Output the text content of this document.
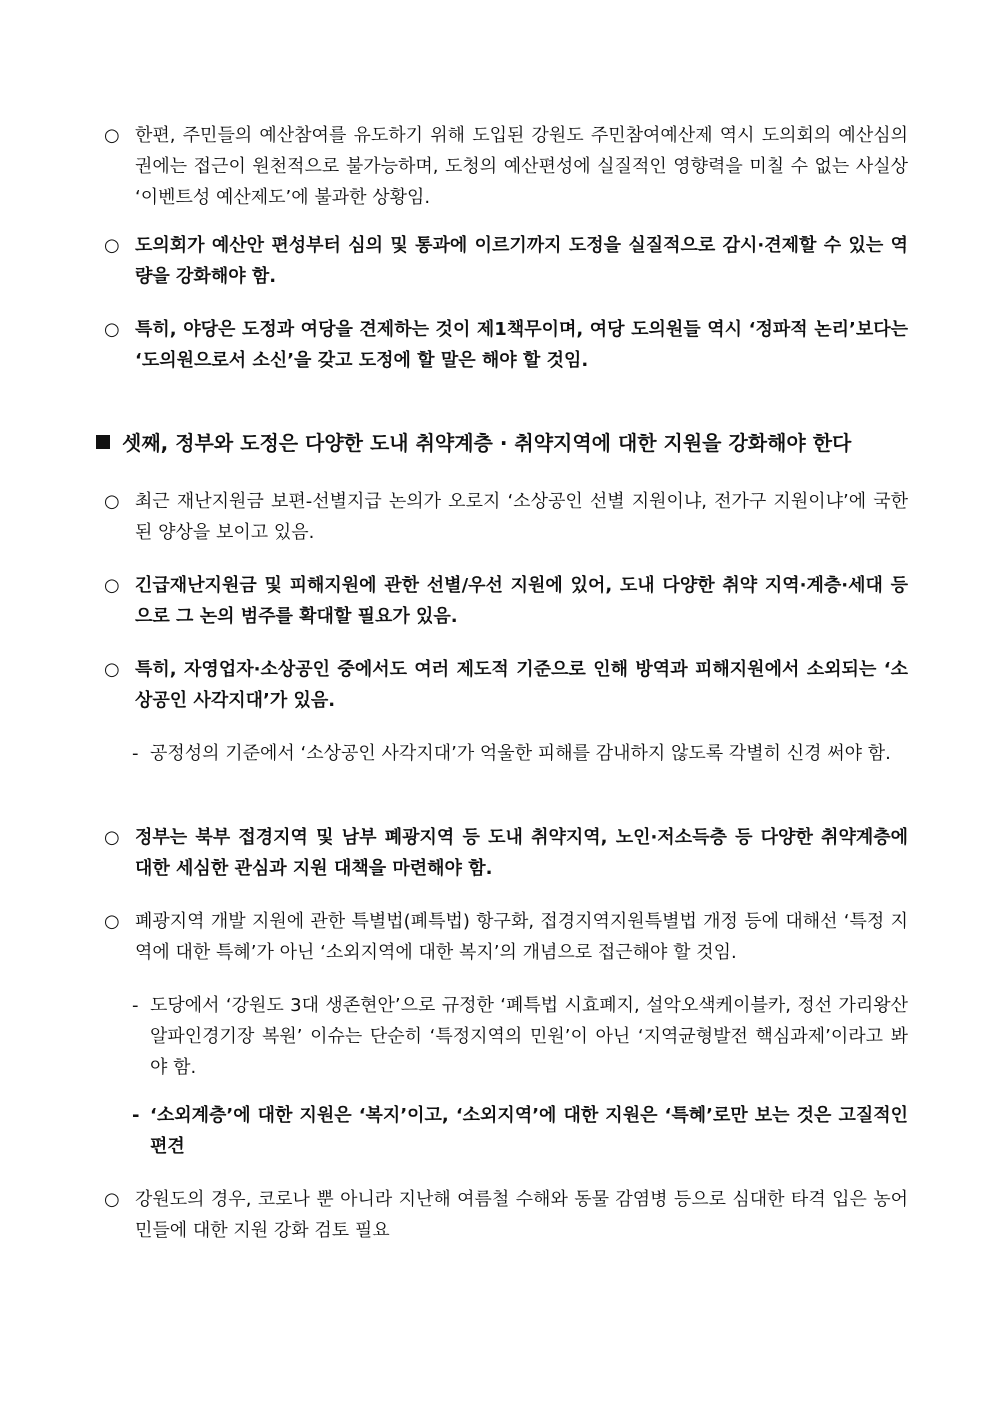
○ 한편, 주민들의 예산참여를 유도하기 위해 도입된 강원도 주민참여예산제 역시 도의회의 예산심의권에는 접근이 원천적으로 불가능하며, 도청의 예산편성에 실질적인 영향력을 미칠 수 없는 사실상 ‘이벤트성 예산제도’에 불과한 상황임.
○ 도의회가 예산안 편성부터 심의 및 통과에 이르기까지 도정을 실질적으로 감시·견제할 수 있는 역량을 강화해야 함.
○ 특히, 야당은 도정과 여당을 견제하는 것이 제1책무이며, 여당 도의원들 역시 ‘정파적 논리’보다는 ‘도의원으로서 소신’을 갖고 도정에 할 말은 해야 할 것임.
셋째, 정부와 도정은 다양한 도내 취약계층 · 취약지역에 대한 지원을 강화해야 한다
○ 최근 재난지원금 보편-선별지급 논의가 오로지 ‘소상공인 선별 지원이냐, 전가구 지원이냐’에 국한된 양상을 보이고 있음.
○ 긴급재난지원금 및 피해지원에 관한 선별/우선 지원에 있어, 도내 다양한 취약 지역·계층·세대 등으로 그 논의 범주를 확대할 필요가 있음.
○ 특히, 자영업자·소상공인 중에서도 여러 제도적 기준으로 인해 방역과 피해지원에서 소외되는 ‘소상공인 사각지대’가 있음.
- 공정성의 기준에서 ‘소상공인 사각지대’가 억울한 피해를 감내하지 않도록 각별히 신경 써야 함.
○ 정부는 북부 접경지역 및 남부 폐광지역 등 도내 취약지역, 노인·저소득층 등 다양한 취약계층에 대한 세심한 관심과 지원 대책을 마련해야 함.
○ 폐광지역 개발 지원에 관한 특별법(폐특법) 항구화, 접경지역지원특별법 개정 등에 대해선 ‘특정 지역에 대한 특혜’가 아닌 ‘소외지역에 대한 복지’의 개념으로 접근해야 할 것임.
- 도당에서 ‘강원도 3대 생존현안’으로 규정한 ‘폐특법 시효폐지, 설악오색케이블카, 정선 가리왕산 알파인경기장 복원’ 이슈는 단순히 ‘특정지역의 민원’이 아닌 ‘지역균형발전 핵심과제’이라고 봐야 함.
- ‘소외계층’에 대한 지원은 ‘복지’이고, ‘소외지역’에 대한 지원은 ‘특혜’로만 보는 것은 고질적인 편견
○ 강원도의 경우, 코로나 뿐 아니라 지난해 여름철 수해와 동물 감염병 등으로 심대한 타격 입은 농어민들에 대한 지원 강화 검토 필요
